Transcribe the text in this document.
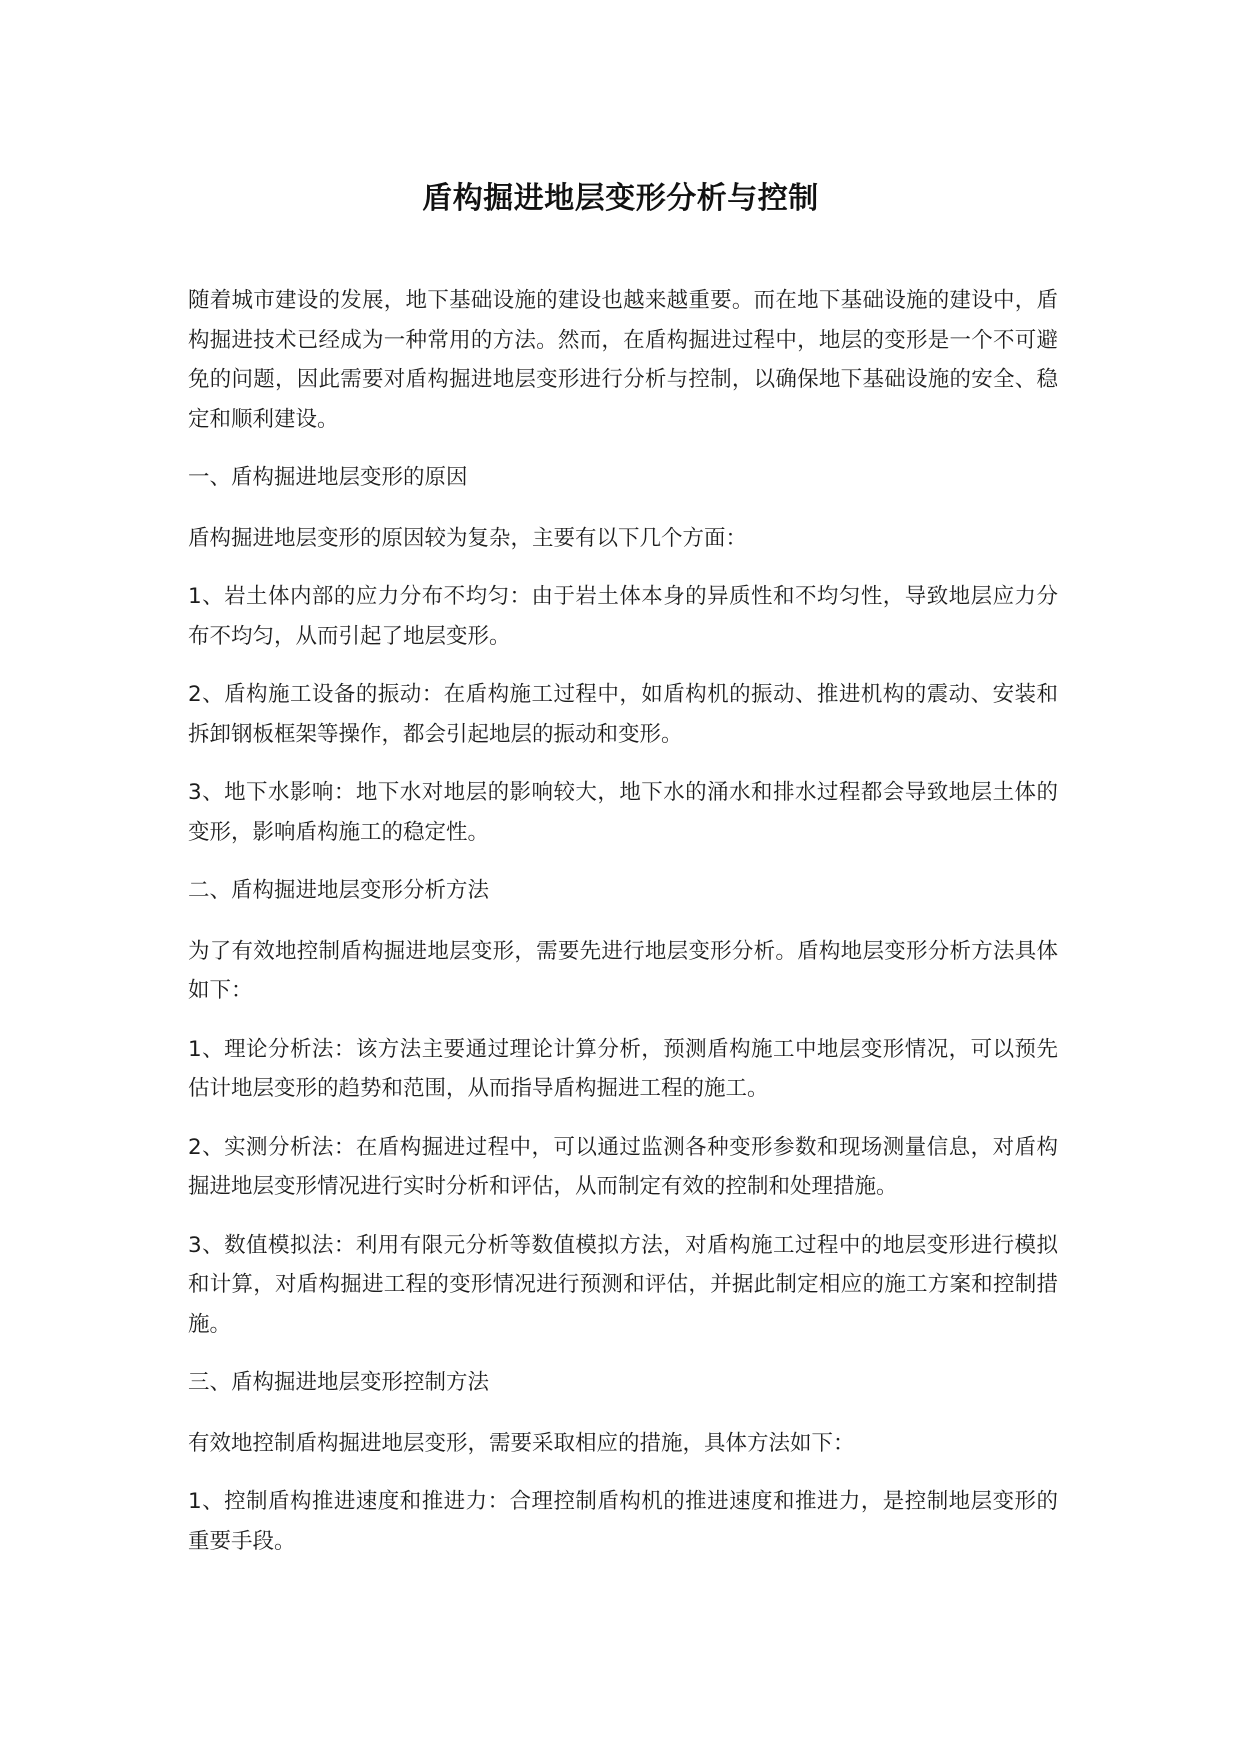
盾构掘进地层变形分析与控制

随着城市建设的发展，地下基础设施的建设也越来越重要。而在地下基础设施的建设中，盾构掘进技术已经成为一种常用的方法。然而，在盾构掘进过程中，地层的变形是一个不可避免的问题，因此需要对盾构掘进地层变形进行分析与控制，以确保地下基础设施的安全、稳定和顺利建设。

一、盾构掘进地层变形的原因

盾构掘进地层变形的原因较为复杂，主要有以下几个方面：

1、岩土体内部的应力分布不均匀：由于岩土体本身的异质性和不均匀性，导致地层应力分布不均匀，从而引起了地层变形。

2、盾构施工设备的振动：在盾构施工过程中，如盾构机的振动、推进机构的震动、安装和拆卸钢板框架等操作，都会引起地层的振动和变形。

3、地下水影响：地下水对地层的影响较大，地下水的涌水和排水过程都会导致地层土体的变形，影响盾构施工的稳定性。

二、盾构掘进地层变形分析方法

为了有效地控制盾构掘进地层变形，需要先进行地层变形分析。盾构地层变形分析方法具体如下：

1、理论分析法：该方法主要通过理论计算分析，预测盾构施工中地层变形情况，可以预先估计地层变形的趋势和范围，从而指导盾构掘进工程的施工。

2、实测分析法：在盾构掘进过程中，可以通过监测各种变形参数和现场测量信息，对盾构掘进地层变形情况进行实时分析和评估，从而制定有效的控制和处理措施。

3、数值模拟法：利用有限元分析等数值模拟方法，对盾构施工过程中的地层变形进行模拟和计算，对盾构掘进工程的变形情况进行预测和评估，并据此制定相应的施工方案和控制措施。

三、盾构掘进地层变形控制方法

有效地控制盾构掘进地层变形，需要采取相应的措施，具体方法如下：

1、控制盾构推进速度和推进力：合理控制盾构机的推进速度和推进力，是控制地层变形的重要手段。
